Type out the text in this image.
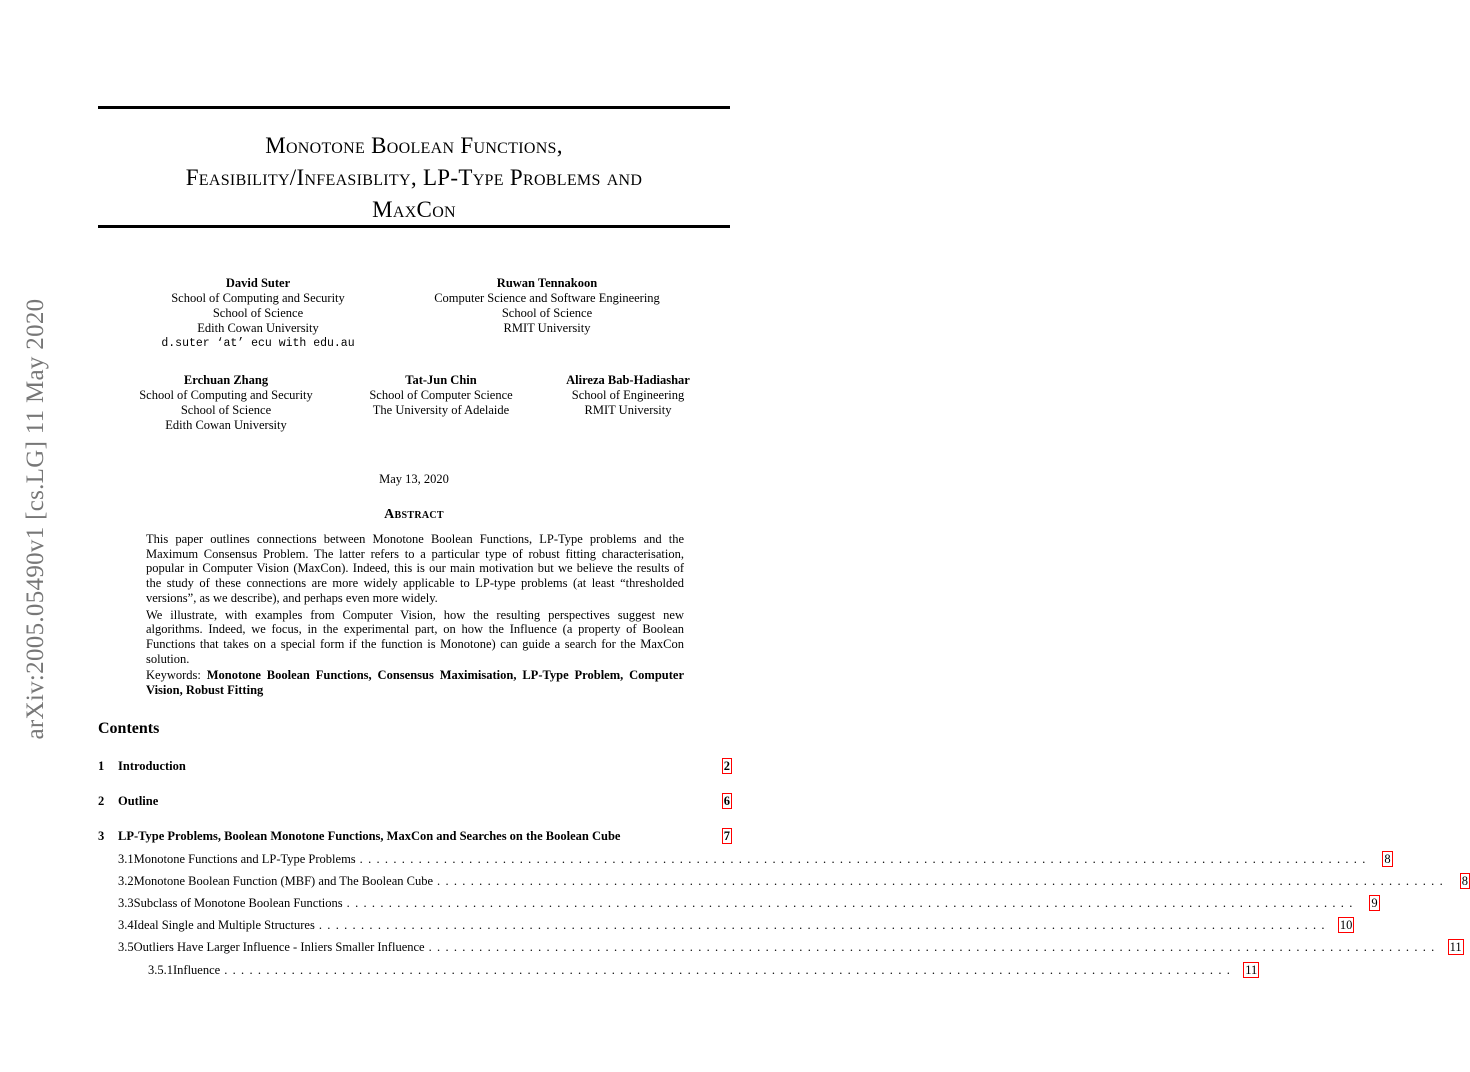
arXiv:2005.05490v1 [cs.LG] 11 May 2020
Monotone Boolean Functions,
Feasibility/Infeasiblity, LP-Type Problems and
MaxCon
David Suter
School of Computing and Security
School of Science
Edith Cowan University
d.suter ‘at’ ecu with edu.au
Ruwan Tennakoon
Computer Science and Software Engineering
School of Science
RMIT University
Erchuan Zhang
School of Computing and Security
School of Science
Edith Cowan University
Tat-Jun Chin
School of Computer Science
The University of Adelaide
Alireza Bab-Hadiashar
School of Engineering
RMIT University
May 13, 2020
Abstract

This paper outlines connections between Monotone Boolean Functions, LP-Type problems and the Maximum Consensus Problem. The latter refers to a particular type of robust fitting characterisation, popular in Computer Vision (MaxCon). Indeed, this is our main motivation but we believe the results of the study of these connections are more widely applicable to LP-type problems (at least “thresholded versions”, as we describe), and perhaps even more widely.

We illustrate, with examples from Computer Vision, how the resulting perspectives suggest new algorithms. Indeed, we focus, in the experimental part, on how the Influence (a property of Boolean Functions that takes on a special form if the function is Monotone) can guide a search for the MaxCon solution.

Keywords: Monotone Boolean Functions, Consensus Maximisation, LP-Type Problem, Computer Vision, Robust Fitting

Contents
1	Introduction	2
2	Outline	6
3	LP-Type Problems, Boolean Monotone Functions, MaxCon and Searches on the Boolean Cube	7
3.1 Monotone Functions and LP-Type Problems ........................................................................................................................	8
3.2 Monotone Boolean Function (MBF) and The Boolean Cube ........................................................................................................................	8
3.3 Subclass of Monotone Boolean Functions ........................................................................................................................	9
3.4 Ideal Single and Multiple Structures ........................................................................................................................ 10
3.5 Outliers Have Larger Influence - Inliers Smaller Influence ........................................................................................................................ 11
3.5.1 Influence ........................................................................................................................ 11
